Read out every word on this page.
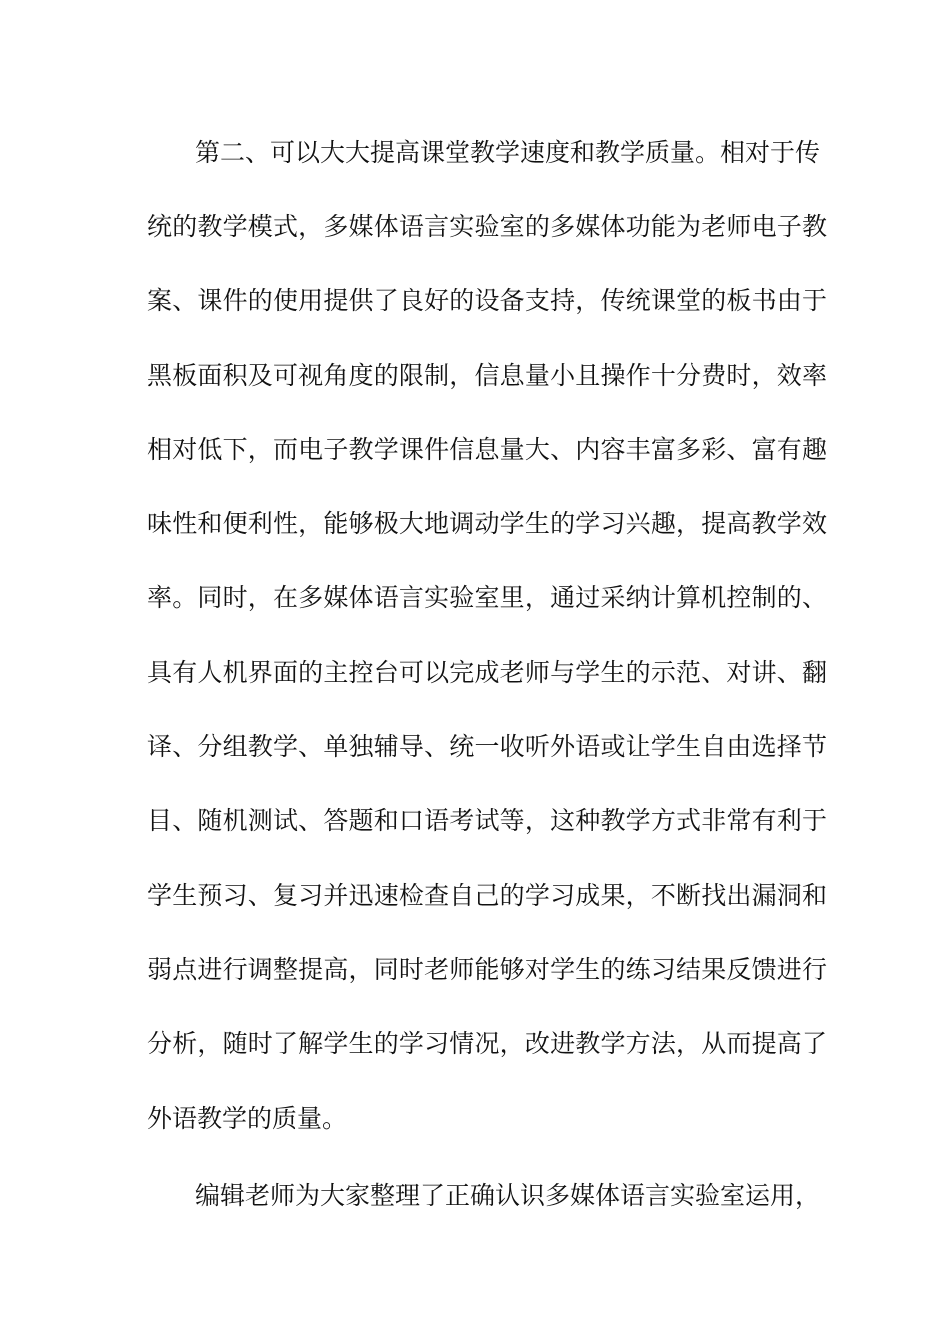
第二、可以大大提高课堂教学速度和教学质量。相对于传
统的教学模式，多媒体语言实验室的多媒体功能为老师电子教
案、课件的使用提供了良好的设备支持，传统课堂的板书由于
黑板面积及可视角度的限制，信息量小且操作十分费时，效率
相对低下，而电子教学课件信息量大、内容丰富多彩、富有趣
味性和便利性，能够极大地调动学生的学习兴趣，提高教学效
率。同时，在多媒体语言实验室里，通过采纳计算机控制的、
具有人机界面的主控台可以完成老师与学生的示范、对讲、翻
译、分组教学、单独辅导、统一收听外语或让学生自由选择节
目、随机测试、答题和口语考试等，这种教学方式非常有利于
学生预习、复习并迅速检查自己的学习成果，不断找出漏洞和
弱点进行调整提高，同时老师能够对学生的练习结果反馈进行
分析，随时了解学生的学习情况，改进教学方法，从而提高了
外语教学的质量。
编辑老师为大家整理了正确认识多媒体语言实验室运用，
